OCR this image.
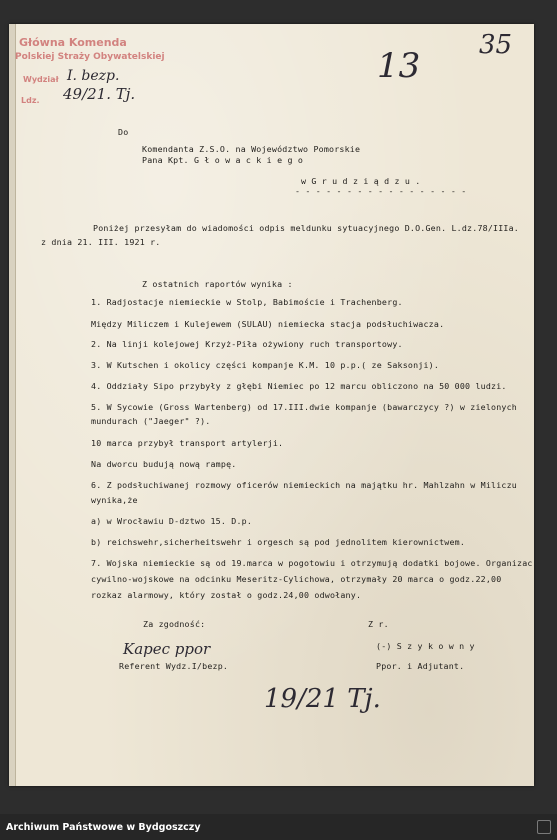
Główna Komenda
Polskiej Straży Obywatelskiej
Wydział
Ldz.
I. bezp.
49/21. Tj.
13
35
Do
Komendanta Z.S.O. na Województwo Pomorskie
Pana Kpt. G ł o w a c k i e g o
w G r u d z i ą d z u .
- - - - - - - - - - - - - - - - -
Poniżej przesyłam do wiadomości odpis meldunku sytuacyjnego D.O.Gen. L.dz.78/IIIa.
z dnia 21. III. 1921 r.
Z ostatnich raportów wynika :
1. Radjostacje niemieckie w Stolp, Babimoście i Trachenberg.
Między Miliczem i Kulejewem (SULAU) niemiecka stacja podsłuchiwacza.
2. Na linji kolejowej Krzyż-Piła ożywiony ruch transportowy.
3. W Kutschen i okolicy części kompanje K.M. 10 p.p.( ze Saksonji).
4. Oddziały Sipo przybyły z głębi Niemiec po 12 marcu obliczono na 50 000 ludzi.
5. W Sycowie (Gross Wartenberg) od 17.III.dwie kompanje (bawarczycy ?) w zielonych
mundurach ("Jaeger" ?).
10 marca przybył transport artylerji.
Na dworcu budują nową rampę.
6. Z podsłuchiwanej rozmowy oficerów niemieckich na majątku hr. Mahlzahn w Miliczu
wynika,że
a) w Wrocławiu D-dztwo 15. D.p.
b) reichswehr,sicherheitswehr i orgesch są pod jednolitem kierownictwem.
7. Wojska niemieckie są od 19.marca w pogotowiu i otrzymują dodatki bojowe. Organizac
cywilno-wojskowe na odcinku Meseritz-Cylichowa, otrzymały 20 marca o godz.22,00
rozkaz alarmowy, który został o godz.24,00 odwołany.
Za zgodność:
Kapec ppor
Referent Wydz.I/bezp.
Z r.
(-) S z y k o w n y
Ppor. i Adjutant.
19/21 Tj.
Archiwum Państwowe w Bydgoszczy
